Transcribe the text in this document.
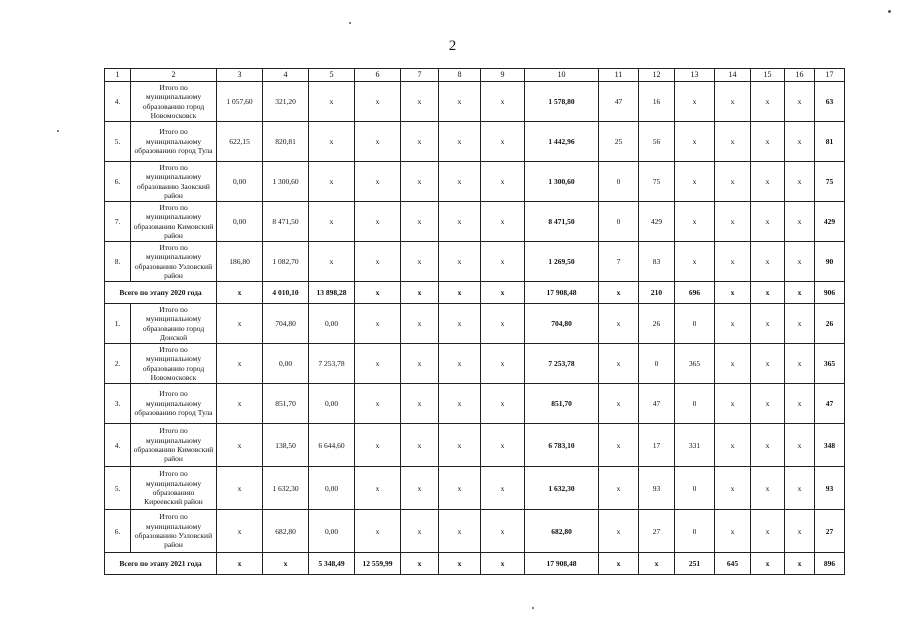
2
1	2	3	4	5	6	7	8	9	10	11	12	13	14	15	16	17
4.	Итого по муниципальному образованию город Новомосковск	1 057,60	321,20	х	х	х	х	х	1 578,80	47	16	х	х	х	х	63
5.	Итого по муниципальному образованию город Тула	622,15	820,81	х	х	х	х	х	1 442,96	25	56	х	х	х	х	81
6.	Итого по муниципальному образованию Заокский район	0,00	1 300,60	х	х	х	х	х	1 300,60	0	75	х	х	х	х	75
7.	Итого по муниципальному образованию Кимовский район	0,00	8 471,50	х	х	х	х	х	8 471,50	0	429	х	х	х	х	429
8.	Итого по муниципальному образованию Узловский район	186,80	1 082,70	х	х	х	х	х	1 269,50	7	83	х	х	х	х	90
Всего по этапу 2020 года		х	4 010,10	13 898,28	х	х	х	х	17 908,48	х	210	696	х	х	х	906
1.	Итого по муниципальному образованию город Донской	х	704,80	0,00	х	х	х	х	704,80	х	26	0	х	х	х	26
2.	Итого по муниципальному образованию город Новомосковск	х	0,00	7 253,78	х	х	х	х	7 253,78	х	0	365	х	х	х	365
3.	Итого по муниципальному образованию город Тула	х	851,70	0,00	х	х	х	х	851,70	х	47	0	х	х	х	47
4.	Итого по муниципальному образованию Кимовский район	х	138,50	6 644,60	х	х	х	х	6 783,10	х	17	331	х	х	х	348
5.	Итого по муниципальному образованию Киреевский район	х	1 632,30	0,00	х	х	х	х	1 632,30	х	93	0	х	х	х	93
6.	Итого по муниципальному образованию Узловский район	х	682,80	0,00	х	х	х	х	682,80	х	27	0	х	х	х	27
Всего по этапу 2021 года		х	х	5 348,49	12 559,99	х	х	х	17 908,48	х	х	251	645	х	х	896
